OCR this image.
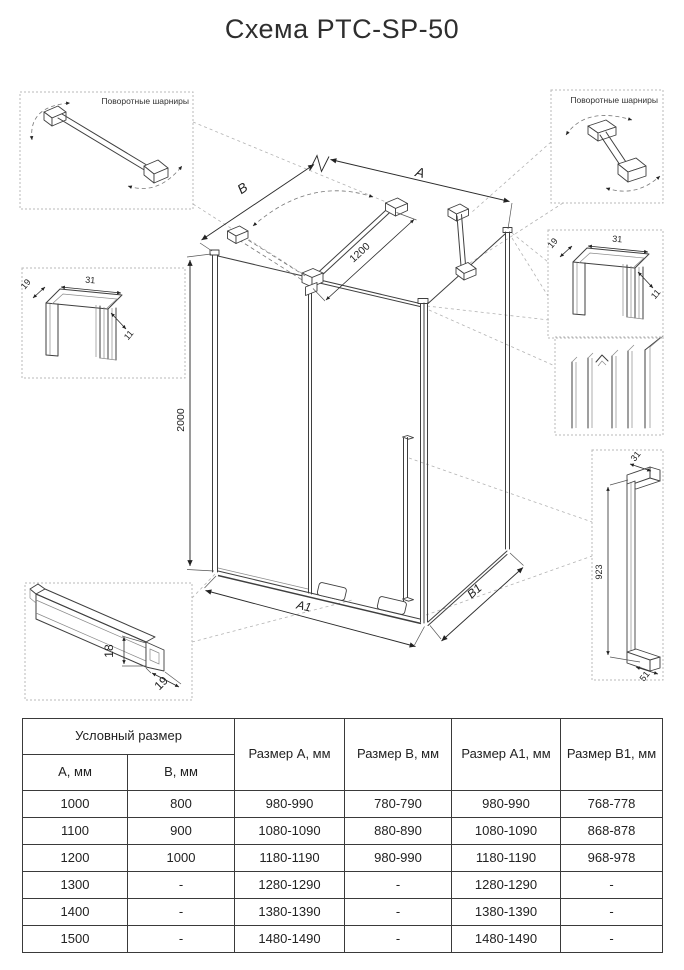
Схема PTC-SP-50
B
A
1200
2000
A1
B1
Поворотные шарниры	Поворотные шарниры
19	31
11
19	31
11
923
31
51
18
19
Условный размер		Размер А, мм	Размер В, мм	Размер А1, мм	Размер В1, мм
А, мм	В, мм				
1000	800	980-990	780-790	980-990	768-778
1100	900	1080-1090	880-890	1080-1090	868-878
1200	1000	1180-1190	980-990	1180-1190	968-978
1300	-	1280-1290	-	1280-1290	-
1400	-	1380-1390	-	1380-1390	-
1500	-	1480-1490	-	1480-1490	-
